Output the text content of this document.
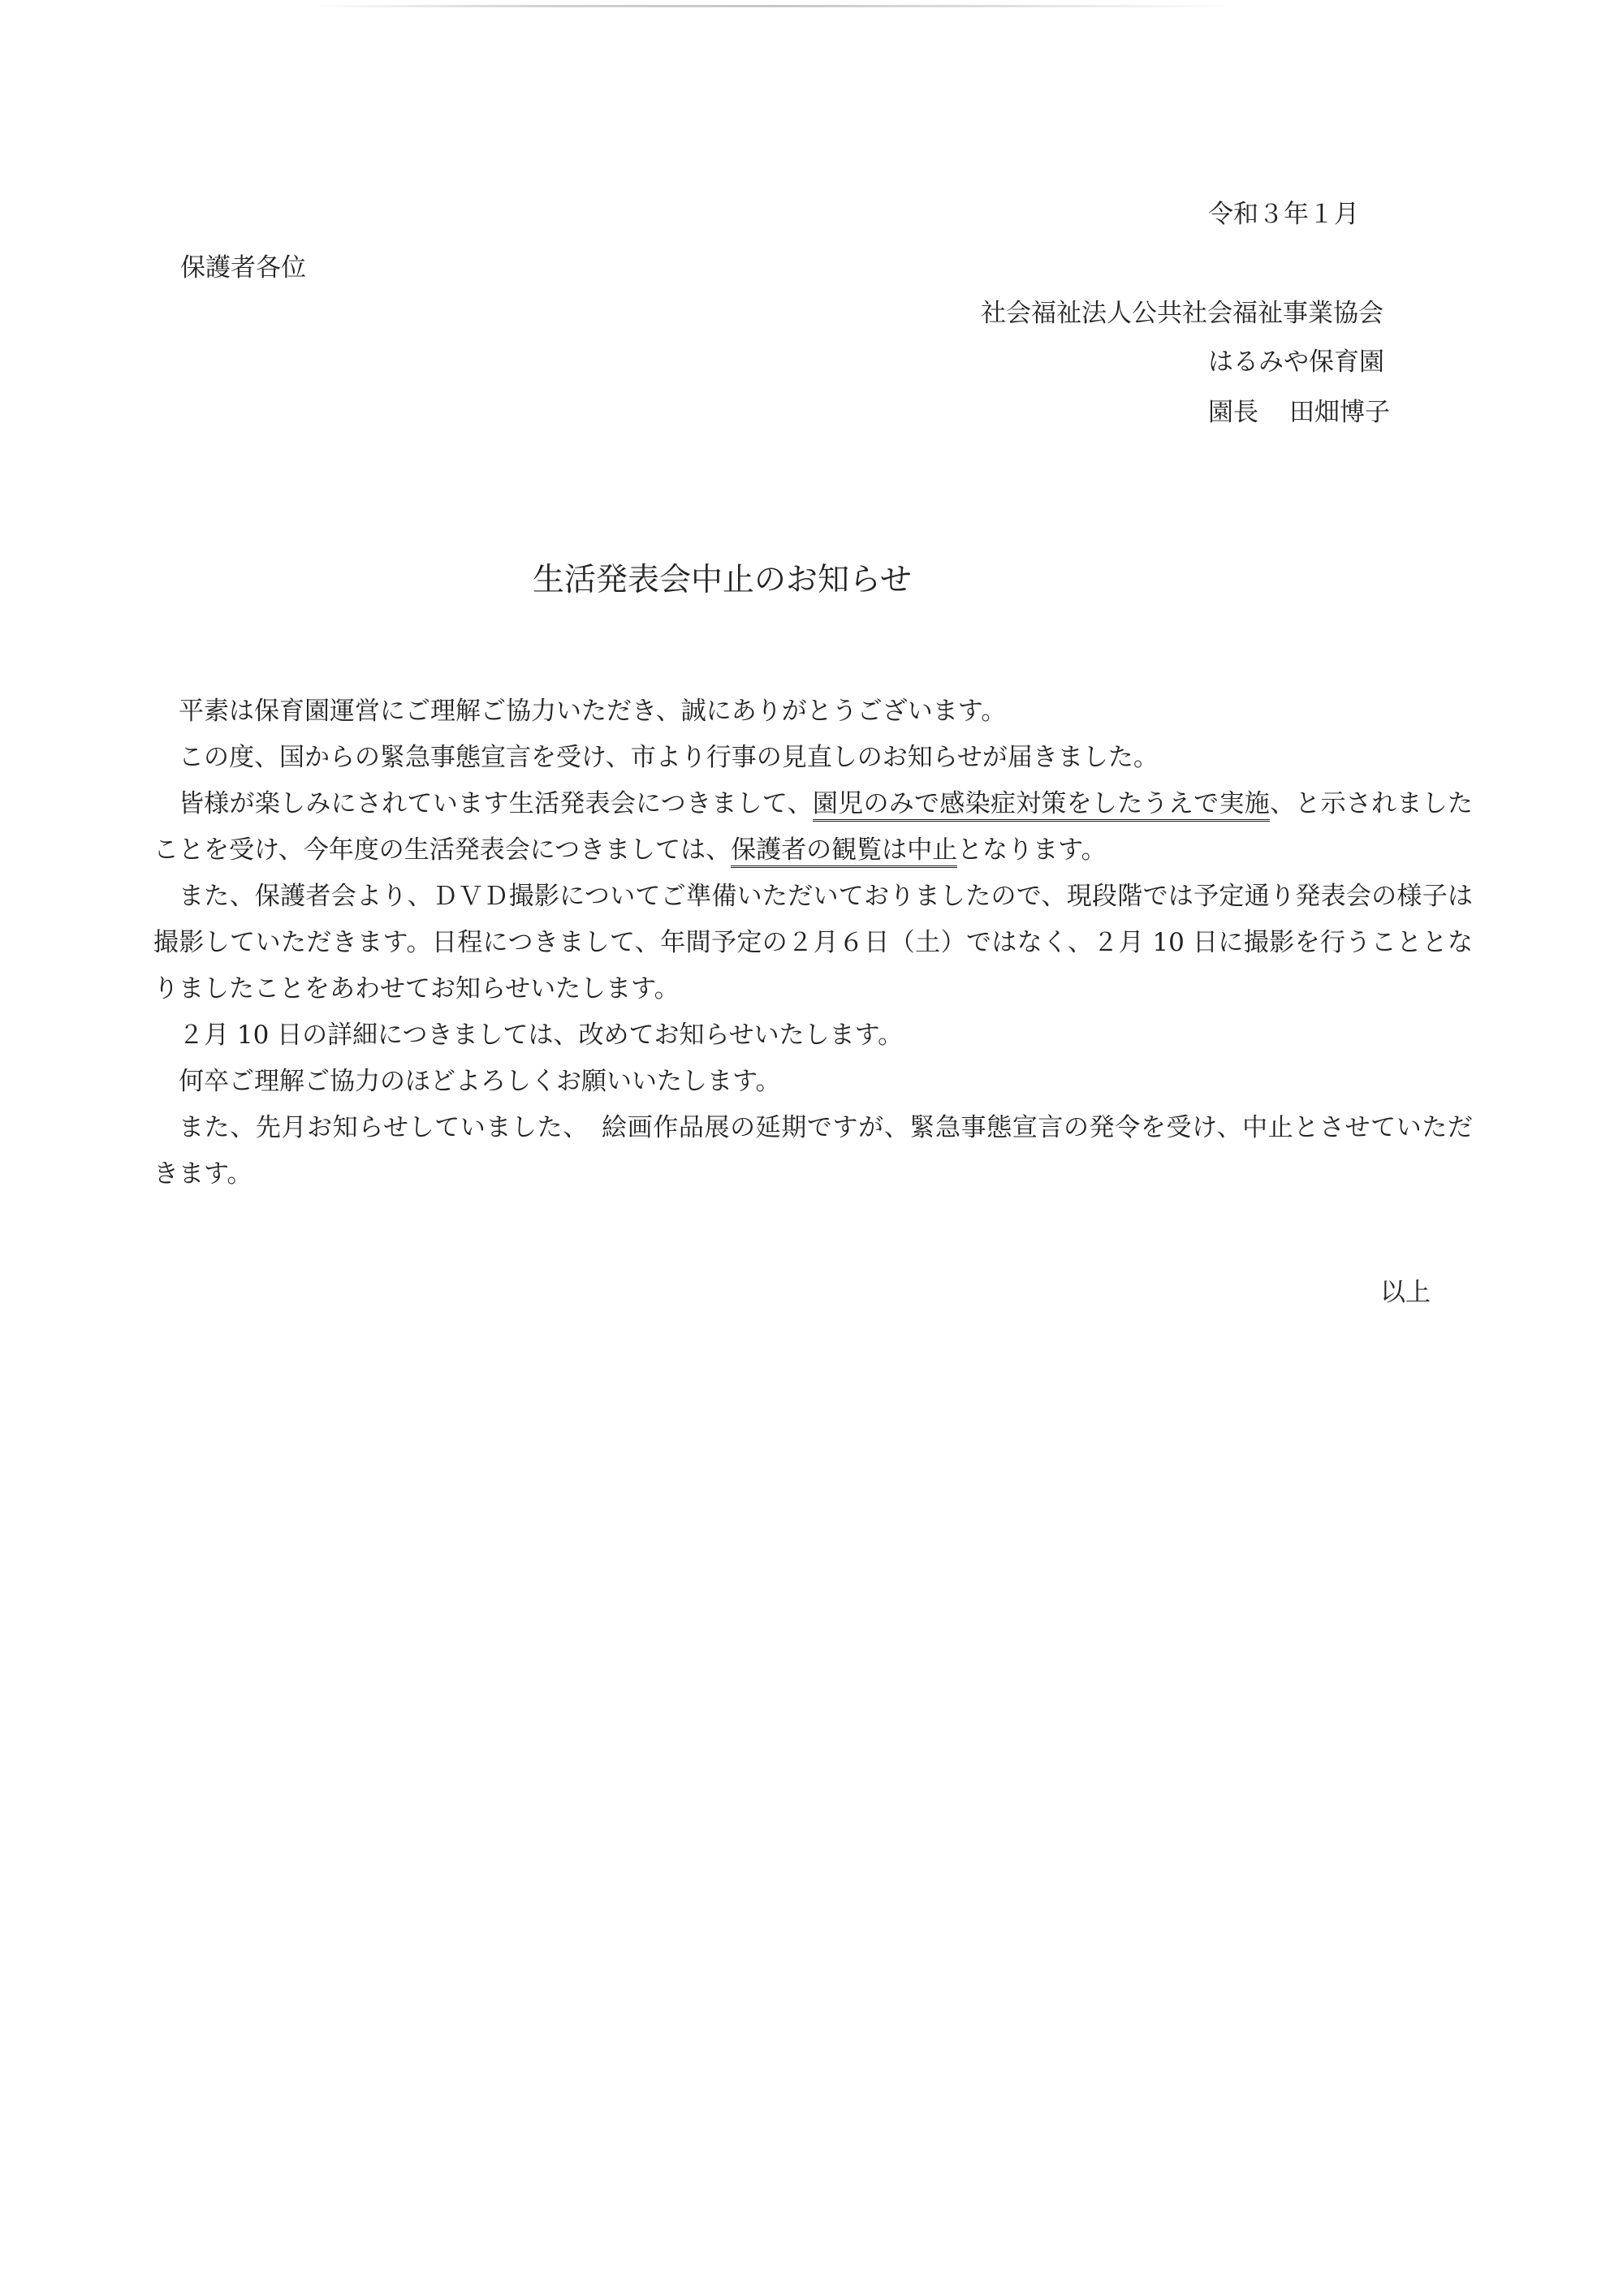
令和３年１月
保護者各位
社会福祉法人公共社会福祉事業協会
はるみや保育園
園長 田畑博子
生活発表会中止のお知らせ

平素は保育園運営にご理解ご協力いただき、誠にありがとうございます。

この度、国からの緊急事態宣言を受け、市より行事の見直しのお知らせが届きました。

皆様が楽しみにされています生活発表会につきまして、園児のみで感染症対策をしたうえで実施、と示されましたことを受け、今年度の生活発表会につきましては、保護者の観覧は中止となります。

また、保護者会より、ＤＶＤ撮影についてご準備いただいておりましたので、現段階では予定通り発表会の様子は撮影していただきます。日程につきまして、年間予定の２月６日（土）ではなく、２月 10 日に撮影を行うこととなりましたことをあわせてお知らせいたします。

２月 10 日の詳細につきましては、改めてお知らせいたします。

何卒ご理解ご協力のほどよろしくお願いいたします。

また、先月お知らせしていました、　絵画作品展の延期ですが、緊急事態宣言の発令を受け、中止とさせていただきます。

以上
